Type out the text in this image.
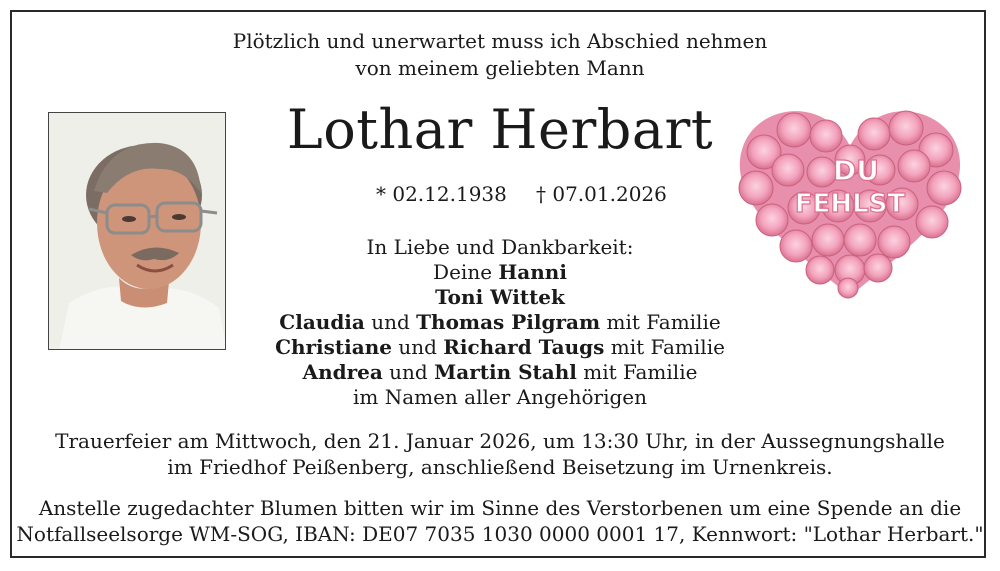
Plötzlich und unerwartet muss ich Abschied nehmen
von meinem geliebten Mann
Lothar Herbart
* 02.12.1938 † 07.01.2026
DU
FEHLST
In Liebe und Dankbarkeit:
Deine Hanni
Toni Wittek
Claudia und Thomas Pilgram mit Familie
Christiane und Richard Taugs mit Familie
Andrea und Martin Stahl mit Familie
im Namen aller Angehörigen
Trauerfeier am Mittwoch, den 21. Januar 2026, um 13:30 Uhr, in der Aussegnungshalle
im Friedhof Peißenberg, anschließend Beisetzung im Urnenkreis.
Anstelle zugedachter Blumen bitten wir im Sinne des Verstorbenen um eine Spende an die
Notfallseelsorge WM-SOG, IBAN: DE07 7035 1030 0000 0001 17, Kennwort: "Lothar Herbart."
